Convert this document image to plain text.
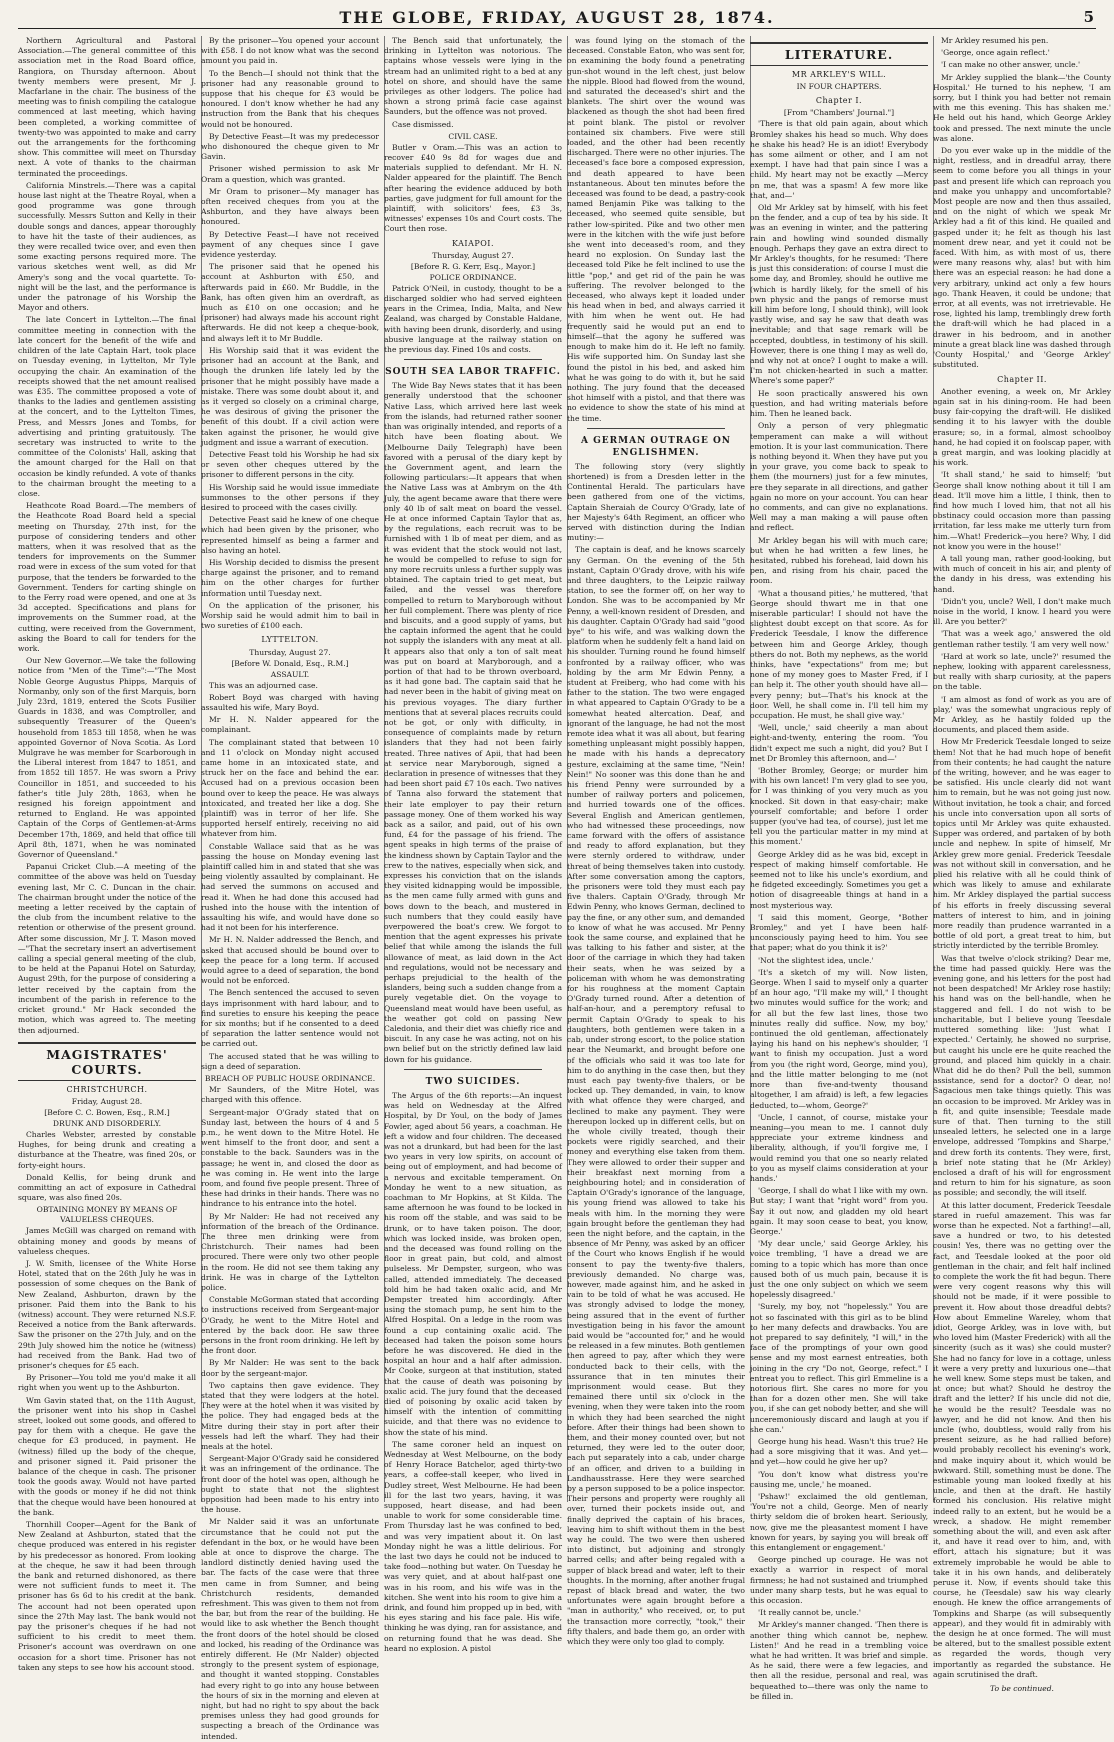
THE GLOBE, FRIDAY, AUGUST 28, 1874.	5

Northern Agricultural and Pastoral Association.—The general committee of this association met in the Road Board office, Rangiora, on Thursday afternoon. About twenty members were present, Mr J. Macfarlane in the chair. The business of the meeting was to finish compiling the catalogue commenced at last meeting, which having been completed, a working committee of twenty-two was appointed to make and carry out the arrangements for the forthcoming show. This committee will meet on Thursday next. A vote of thanks to the chairman terminated the proceedings.

California Minstrels.—There was a capital house last night at the Theatre Royal, when a good programme was gone through successfully. Messrs Sutton and Kelly in their double songs and dances, appear thoroughly to have hit the taste of their audiences, as they were recalled twice over, and even then some exacting persons required more. The various sketches went well, as did Mr Amery's song and the vocal quartette. To-night will be the last, and the performance is under the patronage of his Worship the Mayor and others.

The late Concert in Lyttelton.—The final committee meeting in connection with the late concert for the benefit of the wife and children of the late Captain Hart, took place on Tuesday evening, in Lyttelton, Mr Tyle occupying the chair. An examination of the receipts showed that the net amount realised was £35. The committee proposed a vote of thanks to the ladies and gentlemen assisting at the concert, and to the Lyttelton Times, Press, and Messrs Jones and Tombs, for advertising and printing gratuitously. The secretary was instructed to write to the committee of the Colonists' Hall, asking that the amount charged for the Hall on that occasion be kindly refunded. A vote of thanks to the chairman brought the meeting to a close.

Heathcote Road Board.—The members of the Heathcote Road Board held a special meeting on Thursday, 27th inst, for the purpose of considering tenders and other matters, when it was resolved that as the tenders for improvements on the Summer road were in excess of the sum voted for that purpose, that the tenders be forwarded to the Government. Tenders for carting shingle on to the Ferry road were opened, and one at 3s 3d accepted. Specifications and plans for improvements on the Summer road, at the cutting, were received from the Government, asking the Board to call for tenders for the work.

Our New Governor.—We take the following notice from "Men of the Time":—"The Most Noble George Augustus Phipps, Marquis of Normanby, only son of the first Marquis, born July 23rd, 1819, entered the Scots Fusilier Guards in 1838, and was Comptroller, and subsequently Treasurer of the Queen's household from 1853 till 1858, when he was appointed Governor of Nova Scotia. As Lord Mulgrave he was member for Scarborough in the Liberal interest from 1847 to 1851, and from 1852 till 1857. He was sworn a Privy Councillor in 1851, and succeeded to his father's title July 28th, 1863, when he resigned his foreign appointment and returned to England. He was appointed Captain of the Corps of Gentlemen-at-Arms December 17th, 1869, and held that office till April 8th, 1871, when he was nominated Governor of Queensland."

Papanui Cricket Club.—A meeting of the committee of the above was held on Tuesday evening last, Mr C. C. Duncan in the chair. The chairman brought under the notice of the meeting a letter received by the captain of the club from the incumbent relative to the retention or otherwise of the present ground. After some discussion, Mr J. T. Mason moved—"That the secretary insert an advertisement calling a special general meeting of the club, to be held at the Papanui Hotel on Saturday, August 29th, for the purpose of considering a letter received by the captain from the incumbent of the parish in reference to the cricket ground." Mr Hack seconded the motion, which was agreed to. The meeting then adjourned.

MAGISTRATES' COURTS.
CHRISTCHURCH.
Friday, August 28.
[Before C. C. Bowen, Esq., R.M.]
DRUNK AND DISORDERLY.

Charles Webster, arrested by constable Hughes, for being drunk and creating a disturbance at the Theatre, was fined 20s, or forty-eight hours.

Donald Kellis, for being drunk and committing an act of exposure in Cathedral square, was also fined 20s.

OBTAINING MONEY BY MEANS OF VALUELESS CHEQUES.

James McGill was charged on remand with obtaining money and goods by means of valueless cheques.

J. W. Smith, licensee of the White Horse Hotel, stated that on the 26th July he was in possession of some cheques on the Bank of New Zealand, Ashburton, drawn by the prisoner. Paid them into the Bank to his (witness) account. They were returned N.S.F. Received a notice from the Bank afterwards. Saw the prisoner on the 27th July, and on the 29th July showed him the notice he (witness) had received from the Bank. Had two of prisoner's cheques for £5 each.

By Prisoner—You told me you'd make it all right when you went up to the Ashburton.

Wm Gavin stated that, on the 11th August, the prisoner went into his shop in Cashel street, looked out some goods, and offered to pay for them with a cheque. He gave the cheque for £3 produced, in payment. He (witness) filled up the body of the cheque, and prisoner signed it. Paid prisoner the balance of the cheque in cash. The prisoner took the goods away. Would not have parted with the goods or money if he did not think that the cheque would have been honoured at the bank.

Thornhill Cooper—Agent for the Bank of New Zealand at Ashburton, stated that the cheque produced was entered in his register by his predecessor as honored. From looking at the cheque, he saw it had been through the bank and returned dishonored, as there were not sufficient funds to meet it. The prisoner has 6s 6d to his credit at the bank. The account had not been operated upon since the 27th May last. The bank would not pay the prisoner's cheques if he had not sufficient to his credit to meet them. Prisoner's account was overdrawn on one occasion for a short time. Prisoner has not taken any steps to see how his account stood.

By the prisoner—You opened your account with £58. I do not know what was the second amount you paid in.

To the Bench—I should not think that the prisoner had any reasonable ground to suppose that his cheque for £3 would be honoured. I don't know whether he had any instruction from the Bank that his cheques would not be honoured.

By Detective Feast—It was my predecessor who dishonoured the cheque given to Mr Gavin.

Prisoner wished permission to ask Mr Oram a question, which was granted.

Mr Oram to prisoner—My manager has often received cheques from you at the Ashburton, and they have always been honoured.

By Detective Feast—I have not received payment of any cheques since I gave evidence yesterday.

The prisoner said that he opened his account at Ashburton with £50, and afterwards paid in £60. Mr Buddle, in the Bank, has often given him an overdraft, as much as £10 on one occasion; and he (prisoner) had always made his account right afterwards. He did not keep a cheque-book, and always left it to Mr Buddle.

His Worship said that it was evident the prisoner had an account at the Bank, and though the drunken life lately led by the prisoner that he might possibly have made a mistake. There was some doubt about it, and as it verged so closely on a criminal charge, he was desirous of giving the prisoner the benefit of this doubt. If a civil action were taken against the prisoner, he would give judgment and issue a warrant of execution.

Detective Feast told his Worship he had six or seven other cheques uttered by the prisoner to different persons in the city.

His Worship said he would issue immediate summonses to the other persons if they desired to proceed with the cases civilly.

Detective Feast said he knew of one cheque which had been given by the prisoner, who represented himself as being a farmer and also having an hotel.

His Worship decided to dismiss the present charge against the prisoner, and to remand him on the other charges for further information until Tuesday next.

On the application of the prisoner, his Worship said he would admit him to bail in two sureties of £100 each.

LYTTELTON.
Thursday, August 27.
[Before W. Donald, Esq., R.M.]
ASSAULT.

This was an adjourned case.

Robert Boyd was charged with having assaulted his wife, Mary Boyd.

Mr H. N. Nalder appeared for the complainant.

The complainant stated that between 10 and 11 o'clock on Monday night accused came home in an intoxicated state, and struck her on the face and behind the ear. Accused had on a previous occasion been bound over to keep the peace. He was always intoxicated, and treated her like a dog. She (plaintiff) was in terror of her life. She supported herself entirely, receiving no aid whatever from him.

Constable Wallace said that as he was passing the house on Monday evening last plaintiff called him in and stated that she was being violently assaulted by complainant. He had served the summons on accused and read it. When he had done this accused had rushed into the house with the intention of assaulting his wife, and would have done so had it not been for his interference.

Mr H. N. Nalder addressed the Bench, and asked that accused should be bound over to keep the peace for a long term. If accused would agree to a deed of separation, the bond would not be enforced.

The Bench sentenced the accused to seven days imprisonment with hard labour, and to find sureties to ensure his keeping the peace for six months; but if he consented to a deed of separation the latter sentence would not be carried out.

The accused stated that he was willing to sign a deed of separation.

BREACH OF PUBLIC HOUSE ORDINANCE.

Mr Saunders, of the Mitre Hotel, was charged with this offence.

Sergeant-major O'Grady stated that on Sunday last, between the hours of 4 and 5 p.m., he went down to the Mitre Hotel. He went himself to the front door, and sent a constable to the back. Saunders was in the passage; he went in, and closed the door as he was coming in. He went into the large room, and found five people present. Three of these had drinks in their hands. There was no hindrance to his entrance into the hotel.

By Mr Nalder: He had not received any information of the breach of the Ordinance. The three men drinking were from Christchurch. Their names had been procured. There were only two other people in the room. He did not see them taking any drink. He was in charge of the Lyttelton police.

Constable McGorman stated that according to instructions received from Sergeant-major O'Grady, he went to the Mitre Hotel and entered by the back door. He saw three persons in the front room drinking. He left by the front door.

By Mr Nalder: He was sent to the back door by the sergeant-major.

Two captains then gave evidence. They stated that they were lodgers at the hotel. They were at the hotel when it was visited by the police. They had engaged beds at the Mitre during their stay in port after their vessels had left the wharf. They had their meals at the hotel.

Sergeant-Major O'Grady said he considered it was an infringement of the ordinance. The front door of the hotel was open, although he ought to state that not the slightest opposition had been made to his entry into the house.

Mr Nalder said it was an unfortunate circumstance that he could not put the defendant in the box, or he would have been able at once to disprove the charge. The landlord distinctly denied having used the bar. The facts of the case were that three men came in from Sumner, and being Christchurch residents, demanded refreshment. This was given to them not from the bar, but from the rear of the building. He would like to ask whether the Bench thought the front doors of the hotel should be closed and locked, his reading of the Ordinance was entirely different. He (Mr Nalder) objected strongly to the present system of espionage, and thought it wanted stopping. Constables had every right to go into any house between the hours of six in the morning and eleven at night, but had no right to spy about the back premises unless they had good grounds for suspecting a breach of the Ordinance was intended.

The Bench said that unfortunately, the drinking in Lyttelton was notorious. The captains whose vessels were lying in the stream had an unlimited right to a bed at any hotel on shore, and should have the same privileges as other lodgers. The police had shown a strong primâ facie case against Saunders, but the offence was not proved.

Case dismissed.

CIVIL CASE.

Butler v Oram.—This was an action to recover £40 9s 8d for wages due and materials supplied to defendant. Mr H. N. Nalder appeared for the plaintiff. The Bench after hearing the evidence adduced by both parties, gave judgment for full amount for the plaintiff, with solicitors' fees, £3 3s, witnesses' expenses 10s and Court costs. The Court then rose.

KAIAPOI.
Thursday, August 27.
[Before R. G. Kerr, Esq., Mayor.]
POLICE ORDINANCE.

Patrick O'Neil, in custody, thought to be a discharged soldier who had served eighteen years in the Crimea, India, Malta, and New Zealand, was charged by Constable Haldane, with having been drunk, disorderly, and using abusive language at the railway station on the previous day. Fined 10s and costs.

SOUTH SEA LABOR TRAFFIC.

The Wide Bay News states that it has been generally understood that the schooner Native Lass, which arrived here last week from the islands, had returned rather sooner than was originally intended, and reports of a hitch have been floating about. We (Melbourne Daily Telegraph) have been favored with a perusal of the diary kept by the Government agent, and learn the following particulars:—It appears that when the Native Lass was at Ambrym on the 4th July, the agent became aware that there were only 40 lb of salt meat on board the vessel. He at once informed Captain Taylor that as, by the regulations, each recruit was to be furnished with 1 lb of meat per diem, and as it was evident that the stock would not last, he would be compelled to refuse to sign for any more recruits unless a further supply was obtained. The captain tried to get meat, but failed, and the vessel was therefore compelled to return to Maryborough without her full complement. There was plenty of rice and biscuits, and a good supply of yams, but the captain informed the agent that he could not supply the islanders with any meat at all. It appears also that only a ton of salt meat was put on board at Maryborough, and a portion of that had to be thrown overboard, as it had gone bad. The captain said that he had never been in the habit of giving meat on his previous voyages. The diary further mentions that at several places recruits could not be got, or only with difficulty, in consequence of complaints made by return islanders that they had not been fairly treated. Three natives of Apii, that had been at service near Maryborough, signed a declaration in presence of witnesses that they had been short paid £7 10s each. Two natives of Tanna also forward the statement that their late employer to pay their return passage money. One of them worked his way back as a sailor, and paid, out of his own fund, £4 for the passage of his friend. The agent speaks in high terms of the praise of the kindness shown by Captain Taylor and the crew to the natives, especially when sick, and expresses his conviction that on the islands they visited kidnapping would be impossible, as the men came fully armed with guns and bows down to the beach, and mustered in such numbers that they could easily have overpowered the boat's crew. We forgot to mention that the agent expresses his private belief that while among the islands the full allowance of meat, as laid down in the Act and regulations, would not be necessary and perhaps prejudicial to the health of the islanders, being such a sudden change from a purely vegetable diet. On the voyage to Queensland meat would have been useful, as the weather got cold on passing New Caledonia, and their diet was chiefly rice and biscuit. In any case he was acting, not on his own belief but on the strictly defined law laid down for his guidance.

TWO SUICIDES.

The Argus of the 6th reports:—An inquest was held on Wednesday at the Alfred Hospital, by Dr Youl, on the body of James Fowler, aged about 56 years, a coachman. He left a widow and four children. The deceased was not a drunkard, but had been for the last two years in very low spirits, on account of being out of employment, and had become of a nervous and excitable temperament. On Monday he went to a new situation, as coachman to Mr Hopkins, at St Kilda. The same afternoon he was found to be locked in his room off the stable, and was said to be drunk, or to have taken poison. The door, which was locked inside, was broken open, and the deceased was found rolling on the floor in great pain, but cold, and almost pulseless. Mr Dempster, surgeon, who was called, attended immediately. The deceased told him he had taken oxalic acid, and Mr Dempster treated him accordingly. After using the stomach pump, he sent him to the Alfred Hospital. On a ledge in the room was found a cup containing oxalic acid. The deceased had taken the poison some hours before he was discovered. He died in the hospital an hour and a half after admission. Mr Cooke, surgeon at that institution, stated that the cause of death was poisoning by oxalic acid. The jury found that the deceased died of poisoning by oxalic acid taken by himself with the intention of committing suicide, and that there was no evidence to show the state of his mind.

The same coroner held an inquest on Wednesday at West Melbourne, on the body of Henry Horace Batchelor, aged thirty-two years, a coffee-stall keeper, who lived in Dudley street, West Melbourne. He had been ill for the last two years, having, it was supposed, heart disease, and had been unable to work for some considerable time. From Thursday last he was confined to bed, and was very impatient about it. On last Monday night he was a little delirious. For the last two days he could not be induced to take food—nothing but water. On Tuesday he was very quiet, and at about half-past one was in his room, and his wife was in the kitchen. She went into his room to give him a drink, and found him propped up in bed, with his eyes staring and his face pale. His wife, thinking he was dying, ran for assistance, and on returning found that he was dead. She heard no explosion. A pistol

was found lying on the stomach of the deceased. Constable Eaton, who was sent for, on examining the body found a penetrating gun-shot wound in the left chest, just below the nipple. Blood had flowed from the wound, and saturated the deceased's shirt and the blankets. The shirt over the wound was blackened as though the shot had been fired at point blank. The pistol or revolver contained six chambers. Five were still loaded, and the other had been recently discharged. There were no other injuries. The deceased's face bore a composed expression, and death appeared to have been instantaneous. About ten minutes before the deceased was found to be dead, a pastry-cook named Benjamin Pike was talking to the deceased, who seemed quite sensible, but rather low-spirited. Pike and two other men were in the kitchen with the wife just before she went into deceased's room, and they heard no explosion. On Sunday last the deceased told Pike he felt inclined to use the little "pop," and get rid of the pain he was suffering. The revolver belonged to the deceased, who always kept it loaded under his head when in bed, and always carried it with him when he went out. He had frequently said he would put an end to himself—that the agony he suffered was enough to make him do it. He left no family. His wife supported him. On Sunday last she found the pistol in his bed, and asked him what he was going to do with it, but he said nothing. The jury found that the deceased shot himself with a pistol, and that there was no evidence to show the state of his mind at the time.

A GERMAN OUTRAGE ON ENGLISHMEN.

The following story (very slightly shortened) is from a Dresden letter in the Continental Herald. The particulars have been gathered from one of the victims, Captain Sheraiah de Courcy O'Grady, late of her Majesty's 64th Regiment, an officer who served with distinction during the Indian mutiny:—

The captain is deaf, and he knows scarcely any German. On the evening of the 5th instant, Captain O'Grady drove, with his wife and three daughters, to the Leipzic railway station, to see the former off, on her way to London. She was to be accompanied by Mr Penny, a well-known resident of Dresden, and his daughter. Captain O'Grady had said "good bye" to his wife, and was walking down the platform when he suddenly felt a hand laid on his shoulder. Turning round he found himself confronted by a railway officer, who was holding by the arm Mr Edwin Penny, a student at Freiberg, who had come with his father to the station. The two were engaged in what appeared to Captain O'Grady to be a somewhat heated altercation. Deaf, and ignorant of the language, he had not the most remote idea what it was all about, but fearing something unpleasant might possibly happen, he made with his hands a deprecatory gesture, exclaiming at the same time, "Nein! Nein!" No sooner was this done than he and his friend Penny were surrounded by a number of railway porters and policemen, and hurried towards one of the offices. Several English and American gentlemen, who had witnessed these proceedings, now came forward with the offers of assistance and ready to afford explanation, but they were sternly ordered to withdraw, under threat of being themselves taken into custody. After some conversation among the captors, the prisoners were told they must each pay five thalers. Captain O'Grady, through Mr Edwin Penny, who knows German, declined to pay the fine, or any other sum, and demanded to know of what he was accused. Mr Penny took the same course, and explained that he was talking to his father and sister, at the door of the carriage in which they had taken their seats, when he was seized by a policeman with whom he was demonstrating for his roughness at the moment Captain O'Grady turned round. After a detention of half-an-hour, and a peremptory refusal to permit Captain O'Grady to speak to his daughters, both gentlemen were taken in a cab, under strong escort, to the police station near the Neumarkt, and brought before one of the officials who said it was too late for him to do anything in the case then, but they must each pay twenty-five thalers, or be locked up. They demanded, in vain, to know with what offence they were charged, and declined to make any payment. They were thereupon locked up in different cells, but on the whole civilly treated, though their pockets were rigidly searched, and their money and everything else taken from them. They were allowed to order their supper and their breakfast next morning from a neighbouring hotel; and in consideration of Captain O'Grady's ignorance of the language, his young friend was allowed to take his meals with him. In the morning they were again brought before the gentleman they had seen the night before, and the captain, in the absence of Mr Penny, was asked by an officer of the Court who knows English if he would consent to pay the twenty-five thalers, previously demanded. No charge was, however, made against him, and he asked in vain to be told of what he was accused. He was strongly advised to lodge the money, being assured that in the event of further investigation being in his favor the amount paid would be "accounted for," and he would be released in a few minutes. Both gentlemen then agreed to pay, after which they were conducted back to their cells, with the assurance that in ten minutes their imprisonment would cease. But they remained there until six o'clock in the evening, when they were taken into the room in which they had been searched the night before. After their things had been shown to them, and their money counted over, but not returned, they were led to the outer door, each put separately into a cab, under charge of an officer, and driven to a building in Landhausstrasse. Here they were searched by a person supposed to be a police inspector. Their persons and property were roughly all over, turned their pockets inside out, and finally deprived the captain of his braces, leaving him to shift without them in the best way he could. The two were then ushered into distinct, but adjoining and strongly barred cells; and after being regaled with a supper of black bread and water, left to their thoughts. In the morning, after another frugal repast of black bread and water, the two unfortunates were again brought before a "man in authority," who received, or, to put the transaction more correctly, "took," their fifty thalers, and bade them go, an order with which they were only too glad to comply.

LITERATURE.
MR ARKLEY'S WILL.
IN FOUR CHAPTERS.
Chapter I.
[From "Chambers' Journal."]

'There is that old pain again, about which Bromley shakes his head so much. Why does he shake his head? He is an idiot! Everybody has some ailment or other, and I am not exempt. I have had that pain since I was a child. My heart may not be exactly —Mercy on me, that was a spasm! A few more like that, and—'

Old Mr Arkley sat by himself, with his feet on the fender, and a cup of tea by his side. It was an evening in winter, and the pattering rain and howling wind sounded dismally enough. Perhaps they gave an extra direct to Mr Arkley's thoughts, for he resumed: 'There is just this consideration: of course I must die some day, and Bromley, should he outlive me (which is hardly likely, for the smell of his own physic and the pangs of remorse must kill him before long, I should think), will look vastly wise, and say he saw that death was inevitable; and that sage remark will be accepted, doubtless, in testimony of his skill. However, there is one thing I may as well do, and why not at once? I ought to make a will. I'm not chicken-hearted in such a matter. Where's some paper?'

He soon practically answered his own question, and had writing materials before him. Then he leaned back.

Only a person of very phlegmatic temperament can make a will without emotion. It is your last communication. There is nothing beyond it. When they have put you in your grave, you come back to speak to them (the mourners) just for a few minutes, ere they separate in all directions, and gather again no more on your account. You can hear no comments, and can give no explanations. Well may a man making a will pause often and reflect.

Mr Arkley began his will with much care; but when he had written a few lines, he hesitated, rubbed his forehead, laid down his pen, and rising from his chair, paced the room.

'What a thousand pities,' he muttered, 'that George should thwart me in that one miserable particular! I should not have the slightest doubt except on that score. As for Frederick Teesdale, I know the difference between him and George Arkley, though others do not. Both my nephews, as the world thinks, have "expectations" from me; but none of my money goes to Master Fred, if I can help it. The other youth should have all—every penny; but—That's his knock at the door. Well, he shall come in. I'll tell him my occupation. He must, he shall give way.'

'Well, uncle,' said cheerily a man about eight-and-twenty, entering the room. 'You didn't expect me such a night, did you? But I met Dr Bromley this afternoon, and—'

'Bother Bromley, George; or murder him with his own lancet! I'm very glad to see you, for I was thinking of you very much as you knocked. Sit down in that easy-chair; make yourself comfortable; and before I order supper (you've had tea, of course), just let me tell you the particular matter in my mind at this moment.'

George Arkley did as he was bid, except in respect of making himself comfortable. He seemed not to like his uncle's exordium, and he fidgeted exceedingly. Sometimes you get a notion of disagreeable things at hand in a most mysterious way.

'I said this moment, George, "Bother Bromley," and yet I have been half-unconsciously paying heed to him. You see that paper; what do you think it is?'

'Not the slightest idea, uncle.'

'It's a sketch of my will. Now listen, George. When I said to myself only a quarter of an hour ago, "I'll make my will," I thought two minutes would suffice for the work; and for all but the few last lines, those two minutes really did suffice. Now, my boy,' continued the old gentleman, affectionately laying his hand on his nephew's shoulder, 'I want to finish my occupation. Just a word from you (the right word, George, mind you), and the little matter belonging to me (not more than five-and-twenty thousand altogether, I am afraid) is left, a few legacies deducted, to—whom, George?'

'Uncle, I cannot, of course, mistake your meaning—you mean to me. I cannot duly appreciate your extreme kindness and liberality, although, if you'll forgive me, I would remind you that one so nearly related to you as myself claims consideration at your hands.'

'George, I shall do what I like with my own. But stay; I want that "right word" from you. Say it out now, and gladden my old heart again. It may soon cease to beat, you know, George.'

'My dear uncle,' said George Arkley, his voice trembling, 'I have a dread we are coming to a topic which has more than once caused both of us much pain, because it is just the one only subject on which we seem hopelessly disagreed.'

'Surely, my boy, not "hopelessly." You are not so fascinated with this girl as to be blind to her many defects and drawbacks. You are not prepared to say definitely, "I will," in the face of the promptings of your own good sense and my most earnest entreaties, both joining in the cry "Do not, George, refect." I entreat you to reflect. This girl Emmeline is a notorious flirt. She cares no more for you than for a dozen other men. She will take you, if she can get nobody better, and she will unceremoniously discard and laugh at you if she can.'

George hung his head. Wasn't this true? He had a sore misgiving that it was. And yet—and yet—how could he give her up?

'You don't know what distress you're causing me, uncle,' he moaned.

'Pshaw!' exclaimed the old gentleman, 'You're not a child, George. Men of nearly thirty seldom die of broken heart. Seriously, now, give me the pleasantest moment I have known for years, by saying you will break off this entanglement or engagement.'

George pinched up courage. He was not exactly a warrior in respect of moral firmness; he had not sustained and triumphed under many sharp tests, but he was equal to this occasion.

'It really cannot be, uncle.'

Mr Arkley's manner changed. 'Then there is another thing which cannot be, nephew. Listen!' And he read in a trembling voice what he had written. It was brief and simple. As he said, there were a few legacies, and then all the residue, personal and real, was bequeathed to—there was only the name to be filled in.

Mr Arkley resumed his pen.

'George, once again reflect.'

'I can make no other answer, uncle.'

Mr Arkley supplied the blank—'the County Hospital.' He turned to his nephew, 'I am sorry, but I think you had better not remain with me this evening. This has shaken me.' He held out his hand, which George Arkley took and pressed. The next minute the uncle was alone.

Do you ever wake up in the middle of the night, restless, and in dreadful array, there seem to come before you all things in your past and present life which can reproach you and make you unhappy and uncomfortable? Most people are now and then thus assailed, and on the night of which we speak Mr Arkley had a fit of this kind. He quailed and gasped under it; he felt as though his last moment drew near, and yet it could not be faced. With him, as with most of us, there were many reasons why, alas! but with him there was an especial reason: he had done a very arbitrary, unkind act only a few hours ago. Thank Heaven, it could be undone; that error, at all events, was not irretrievable. He rose, lighted his lamp, tremblingly drew forth the draft-will which he had placed in a drawer in his bedroom, and in another minute a great black line was dashed through 'County Hospital,' and 'George Arkley' substituted.

Chapter II.

Another evening, a week on, Mr Arkley again sat in his dining-room. He had been busy fair-copying the draft-will. He disliked sending it to his lawyer with the double erasure; so, in a formal, almost schoolboy hand, he had copied it on foolscap paper, with a great margin, and was looking placidly at his work.

'It shall stand,' he said to himself; 'but George shall know nothing about it till I am dead. It'll move him a little, I think, then to find how much I loved him, that not all his obstinacy could occasion more than passing irritation, far less make me utterly turn from him.—What! Frederick—you here? Why, I did not know you were in the house!'

A tall young man, rather good-looking, but with much of conceit in his air, and plenty of the dandy in his dress, was extending his hand.

'Didn't you, uncle? Well, I don't make much noise in the world, I know. I heard you were ill. Are you better?'

'That was a week ago,' answered the old gentleman rather testily. 'I am very well now.'

'Hard at work so late, uncle?' resumed the nephew, looking with apparent carelessness, but really with sharp curiosity, at the papers on the table.

'I am almost as fond of work as you are of play,' was the somewhat ungracious reply of Mr Arkley, as he hastily folded up the documents, and placed them aside.

How Mr Frederick Teesdale longed to seize them! Not that he had much hope of benefit from their contents; he had caught the nature of the writing, however, and he was eager to be satisfied. His uncle clearly did not want him to remain, but he was not going just now. Without invitation, he took a chair, and forced his uncle into conversation upon all sorts of topics until Mr Arkley was quite exhausted. Supper was ordered, and partaken of by both uncle and nephew. In spite of himself, Mr Arkley grew more genial. Frederick Teesdale was not without skill in conversation, and he plied his relative with all he could think of which was likely to amuse and exhilarate him. Mr Arkley displayed the partial success of his efforts in freely discussing several matters of interest to him, and in joining more readily than prudence warranted in a bottle of old port, a great treat to him, but strictly interdicted by the terrible Bromley.

Was that twelve o'clock striking? Dear me, the time had passed quickly. Here was the evening gone, and his letters for the post had not been despatched! Mr Arkley rose hastily; his hand was on the bell-handle, when he staggered and fell. I do not wish to be uncharitable, but I believe young Teesdale muttered something like: 'Just what I expected.' Certainly, he showed no surprise, but caught his uncle ere he quite reached the ground, and placed him quickly in a chair. What did he do then? Pull the bell, summon assistance, send for a doctor? O dear, no! Sagacious men take things quietly. This was an occasion to be improved. Mr Arkley was in a fit, and quite insensible; Teesdale made sure of that. Then turning to the still unsealed letters, he selected one in a large envelope, addressed 'Tompkins and Sharpe,' and drew forth its contents. They were, first, a brief note stating that he (Mr Arkley) enclosed a draft of his will for engrossment and return to him for his signature, as soon as possible; and secondly, the will itself.

At this latter document, Frederick Teesdale stared in rueful amazement. This was far worse than he expected. Not a farthing!—all, save a hundred or two, to his detested cousin! Yes, there was no getting over the fact, and Teesdale looked at the poor old gentleman in the chair, and felt half inclined to complete the work the fit had begun. There were very cogent reasons why this will should not be made, if it were possible to prevent it. How about those dreadful debts? How about Emmeline Wareley, whom that idiot, George Arkley, was in love with, but who loved him (Master Frederick) with all the sincerity (such as it was) she could muster? She had no fancy for love in a cottage, unless it were a very pretty and luxurious one—that he well knew. Some steps must be taken, and at once; but what? Should he destroy the draft and the letter? If his uncle did not die, he would be the result? Teesdale was no lawyer, and he did not know. And then his uncle (who, doubtless, would rally from his present seizure, as he had rallied before) would probably recollect his evening's work, and make inquiry about it, which would be awkward. Still, something must be done. The estimable young man looked fixedly at his uncle, and then at the draft. He hastily formed his conclusion. His relative might indeed rally to an extent, but he would be a wreck, a shadow. He might remember something about the will, and even ask after it, and have it read over to him, and, with effort, attach his signature; but it was extremely improbable he would be able to take it in his own hands, and deliberately peruse it. Now, if events should take this course, he (Teesdale) saw his way clearly enough. He knew the office arrangements of Tompkins and Sharpe (as will subsequently appear), and they would fit in admirably with the design he at once formed. The will must be altered, but to the smallest possible extent as regarded the words, though very importantly as regarded the substance. He again scrutinised the draft.

To be continued.
